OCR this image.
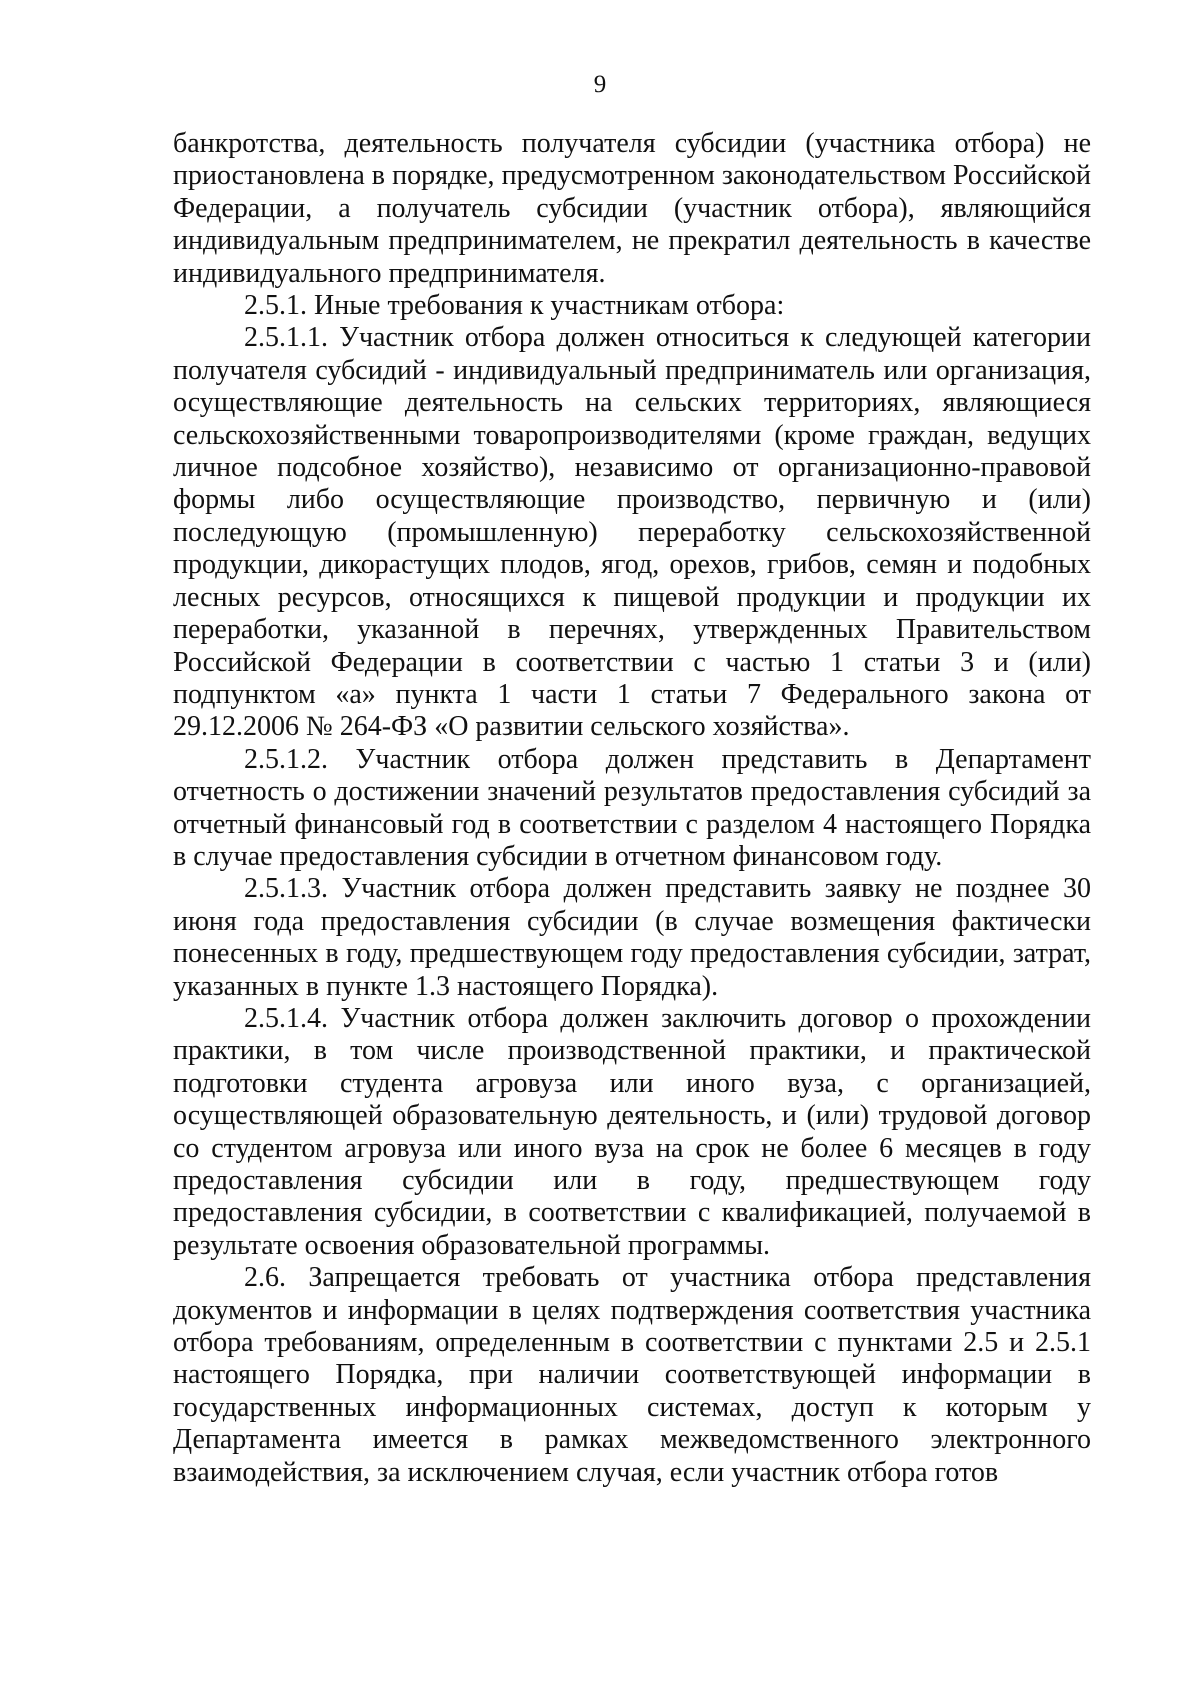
9

банкротства, деятельность получателя субсидии (участника отбора) не приостановлена в порядке, предусмотренном законодательством Российской Федерации, а получатель субсидии (участник отбора), являющийся индивидуальным предпринимателем, не прекратил деятельность в качестве индивидуального предпринимателя.

2.5.1. Иные требования к участникам отбора:

2.5.1.1. Участник отбора должен относиться к следующей категории получателя субсидий - индивидуальный предприниматель или организация, осуществляющие деятельность на сельских территориях, являющиеся сельскохозяйственными товаропроизводителями (кроме граждан, ведущих личное подсобное хозяйство), независимо от организационно-правовой формы либо осуществляющие производство, первичную и (или) последующую (промышленную) переработку сельскохозяйственной продукции, дикорастущих плодов, ягод, орехов, грибов, семян и подобных лесных ресурсов, относящихся к пищевой продукции и продукции их переработки, указанной в перечнях, утвержденных Правительством Российской Федерации в соответствии с частью 1 статьи 3 и (или) подпунктом «а» пункта 1 части 1 статьи 7 Федерального закона от 29.12.2006 № 264-ФЗ «О развитии сельского хозяйства».

2.5.1.2. Участник отбора должен представить в Департамент отчетность о достижении значений результатов предоставления субсидий за отчетный финансовый год в соответствии с разделом 4 настоящего Порядка в случае предоставления субсидии в отчетном финансовом году.

2.5.1.3. Участник отбора должен представить заявку не позднее 30 июня года предоставления субсидии (в случае возмещения фактически понесенных в году, предшествующем году предоставления субсидии, затрат, указанных в пункте 1.3 настоящего Порядка).

2.5.1.4. Участник отбора должен заключить договор о прохождении практики, в том числе производственной практики, и практической подготовки студента агровуза или иного вуза, с организацией, осуществляющей образовательную деятельность, и (или) трудовой договор со студентом агровуза или иного вуза на срок не более 6 месяцев в году предоставления субсидии или в году, предшествующем году предоставления субсидии, в соответствии с квалификацией, получаемой в результате освоения образовательной программы.

2.6. Запрещается требовать от участника отбора представления документов и информации в целях подтверждения соответствия участника отбора требованиям, определенным в соответствии с пунктами 2.5 и 2.5.1 настоящего Порядка, при наличии соответствующей информации в государственных информационных системах, доступ к которым у Департамента имеется в рамках межведомственного электронного взаимодействия, за исключением случая, если участник отбора готов
